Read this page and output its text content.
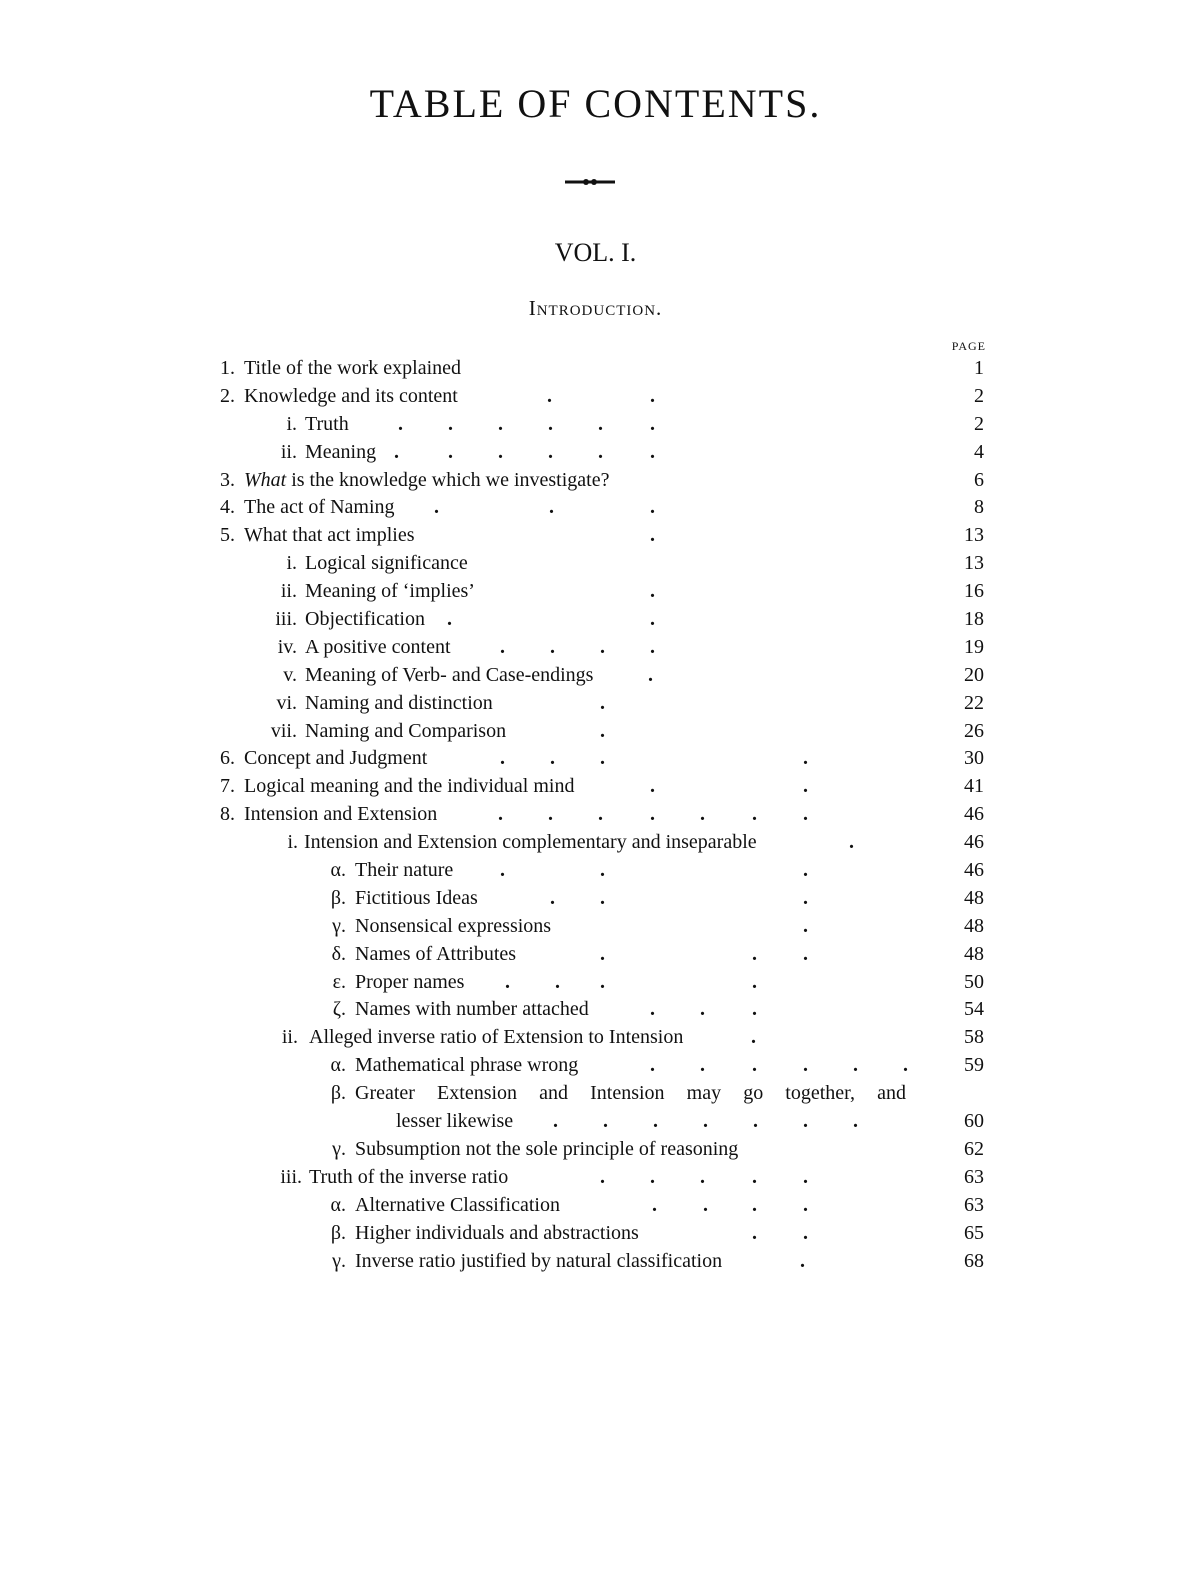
TABLE OF CONTENTS.
VOL. I.
Introduction.
PAGE
1. Title of the work explained	1
2. Knowledge and its content	.	.	2
i. Truth . . . . . .	2
ii. Meaning . . . . . .	4
3. What is the knowledge which we investigate?	6
4. The act of Naming .	.	.	8
5. What that act implies	.	13
i. Logical significance	13
ii. Meaning of ‘implies’	.	16
iii. Objectification .	.	18
iv. A positive content . . . .	19
v. Meaning of Verb- and Case-endings	.	20
vi. Naming and distinction	.	22
vii. Naming and Comparison	.	26
6. Concept and Judgment	. . .	.	30
7. Logical meaning and the individual mind	.	.	41
8. Intension and Extension	. . . . . . .	46
i. Intension and Extension complementary and inseparable	.	46
α. Their nature .	.	.	46
β. Fictitious Ideas	. .	.	48
γ. Nonsensical expressions	.	48
δ. Names of Attributes	.	. .	48
ε. Proper names . . .	.	50
ζ. Names with number attached	. . .	54
ii. Alleged inverse ratio of Extension to Intension	.	58
α. Mathematical phrase wrong	. . . . . .	59
β. Greater Extension and Intension may go together, and
lesser likewise . . . . . . .	60
γ. Subsumption not the sole principle of reasoning	62
iii. Truth of the inverse ratio	. . . . .	63
α. Alternative Classification	. . . .	63
β. Higher individuals and abstractions	. .	65
γ. Inverse ratio justified by natural classification	.	68
